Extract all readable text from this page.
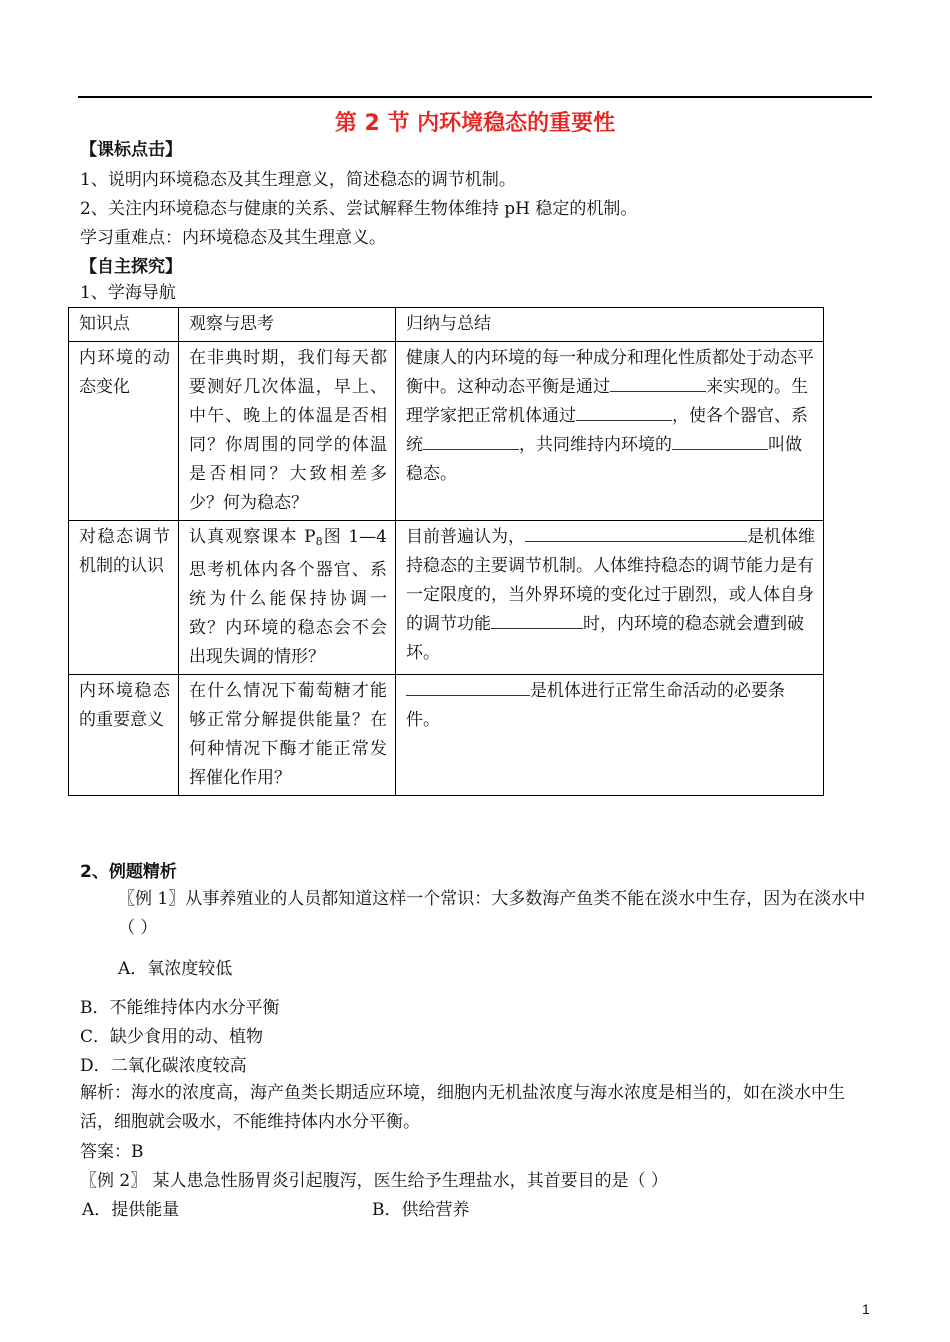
第 2 节 内环境稳态的重要性
【课标点击】
1、说明内环境稳态及其生理意义，简述稳态的调节机制。
2、关注内环境稳态与健康的关系、尝试解释生物体维持 pH 稳定的机制。
学习重难点：内环境稳态及其生理意义。
【自主探究】
1、学海导航
知识点	观察与思考	归纳与总结
内环境的动态变化	在非典时期，我们每天都要测好几次体温，早上、中午、晚上的体温是否相同？你周围的同学的体温是否相同？大致相差多少？何为稳态？	健康人的内环境的每一种成分和理化性质都处于动态平衡中。这种动态平衡是通过 来实现的。生理学家把正常机体通过 ，使各个器官、系统 ，共同维持内环境的 叫做稳态。
对稳态调节机制的认识	认真观察课本 $P_8$图 1—4 思考机体内各个器官、系统为什么能保持协调一致？内环境的稳态会不会出现失调的情形？	目前普遍认为， 是机体维持稳态的主要调节机制。人体维持稳态的调节能力是有一定限度的，当外界环境的变化过于剧烈，或人体自身的调节功能 时，内环境的稳态就会遭到破坏。
内环境稳态的重要意义	在什么情况下葡萄糖才能够正常分解提供能量？在何种情况下酶才能正常发挥催化作用？	是机体进行正常生命活动的必要条件。
2、例题精析
〖例 1〗从事养殖业的人员都知道这样一个常识：大多数海产鱼类不能在淡水中生存，因为在淡水中（ ）
A．氧浓度较低
B．不能维持体内水分平衡
C．缺少食用的动、植物
D．二氧化碳浓度较高
解析：海水的浓度高，海产鱼类长期适应环境，细胞内无机盐浓度与海水浓度是相当的，如在淡水中生活，细胞就会吸水，不能维持体内水分平衡。
答案：B
〖例 2〗 某人患急性肠胃炎引起腹泻，医生给予生理盐水，其首要目的是（ ）
A．提供能量	B．供给营养
1
